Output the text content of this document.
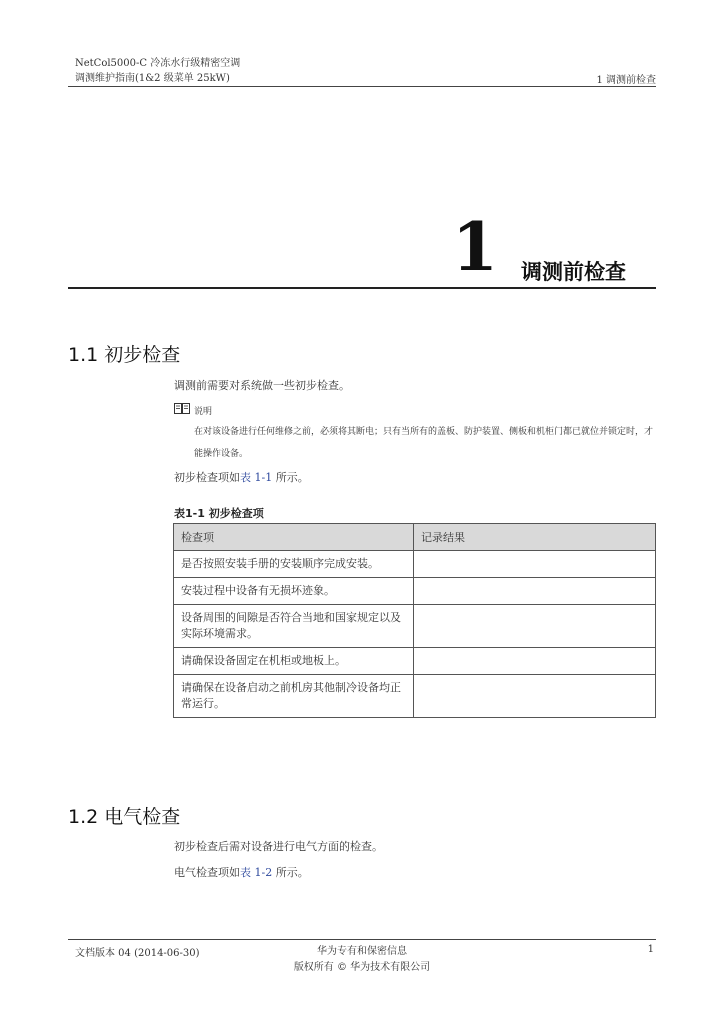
NetCol5000-C 冷冻水行级精密空调
调测维护指南(1&2 级菜单 25kW)	1 调测前检查
1 调测前检查
1.1 初步检查
调测前需要对系统做一些初步检查。
说明
在对该设备进行任何维修之前，必须将其断电；只有当所有的盖板、防护装置、侧板和机柜门都已就位并锁定时，才能操作设备。
初步检查项如表 1-1 所示。
表1-1 初步检查项
检查项	记录结果
是否按照安装手册的安装顺序完成安装。	
安装过程中设备有无损坏迹象。	
设备周围的间隙是否符合当地和国家规定以及实际环境需求。	
请确保设备固定在机柜或地板上。	
请确保在设备启动之前机房其他制冷设备均正常运行。	
1.2 电气检查
初步检查后需对设备进行电气方面的检查。
电气检查项如表 1-2 所示。
文档版本 04 (2014-06-30)	华为专有和保密信息
版权所有 © 华为技术有限公司
1
